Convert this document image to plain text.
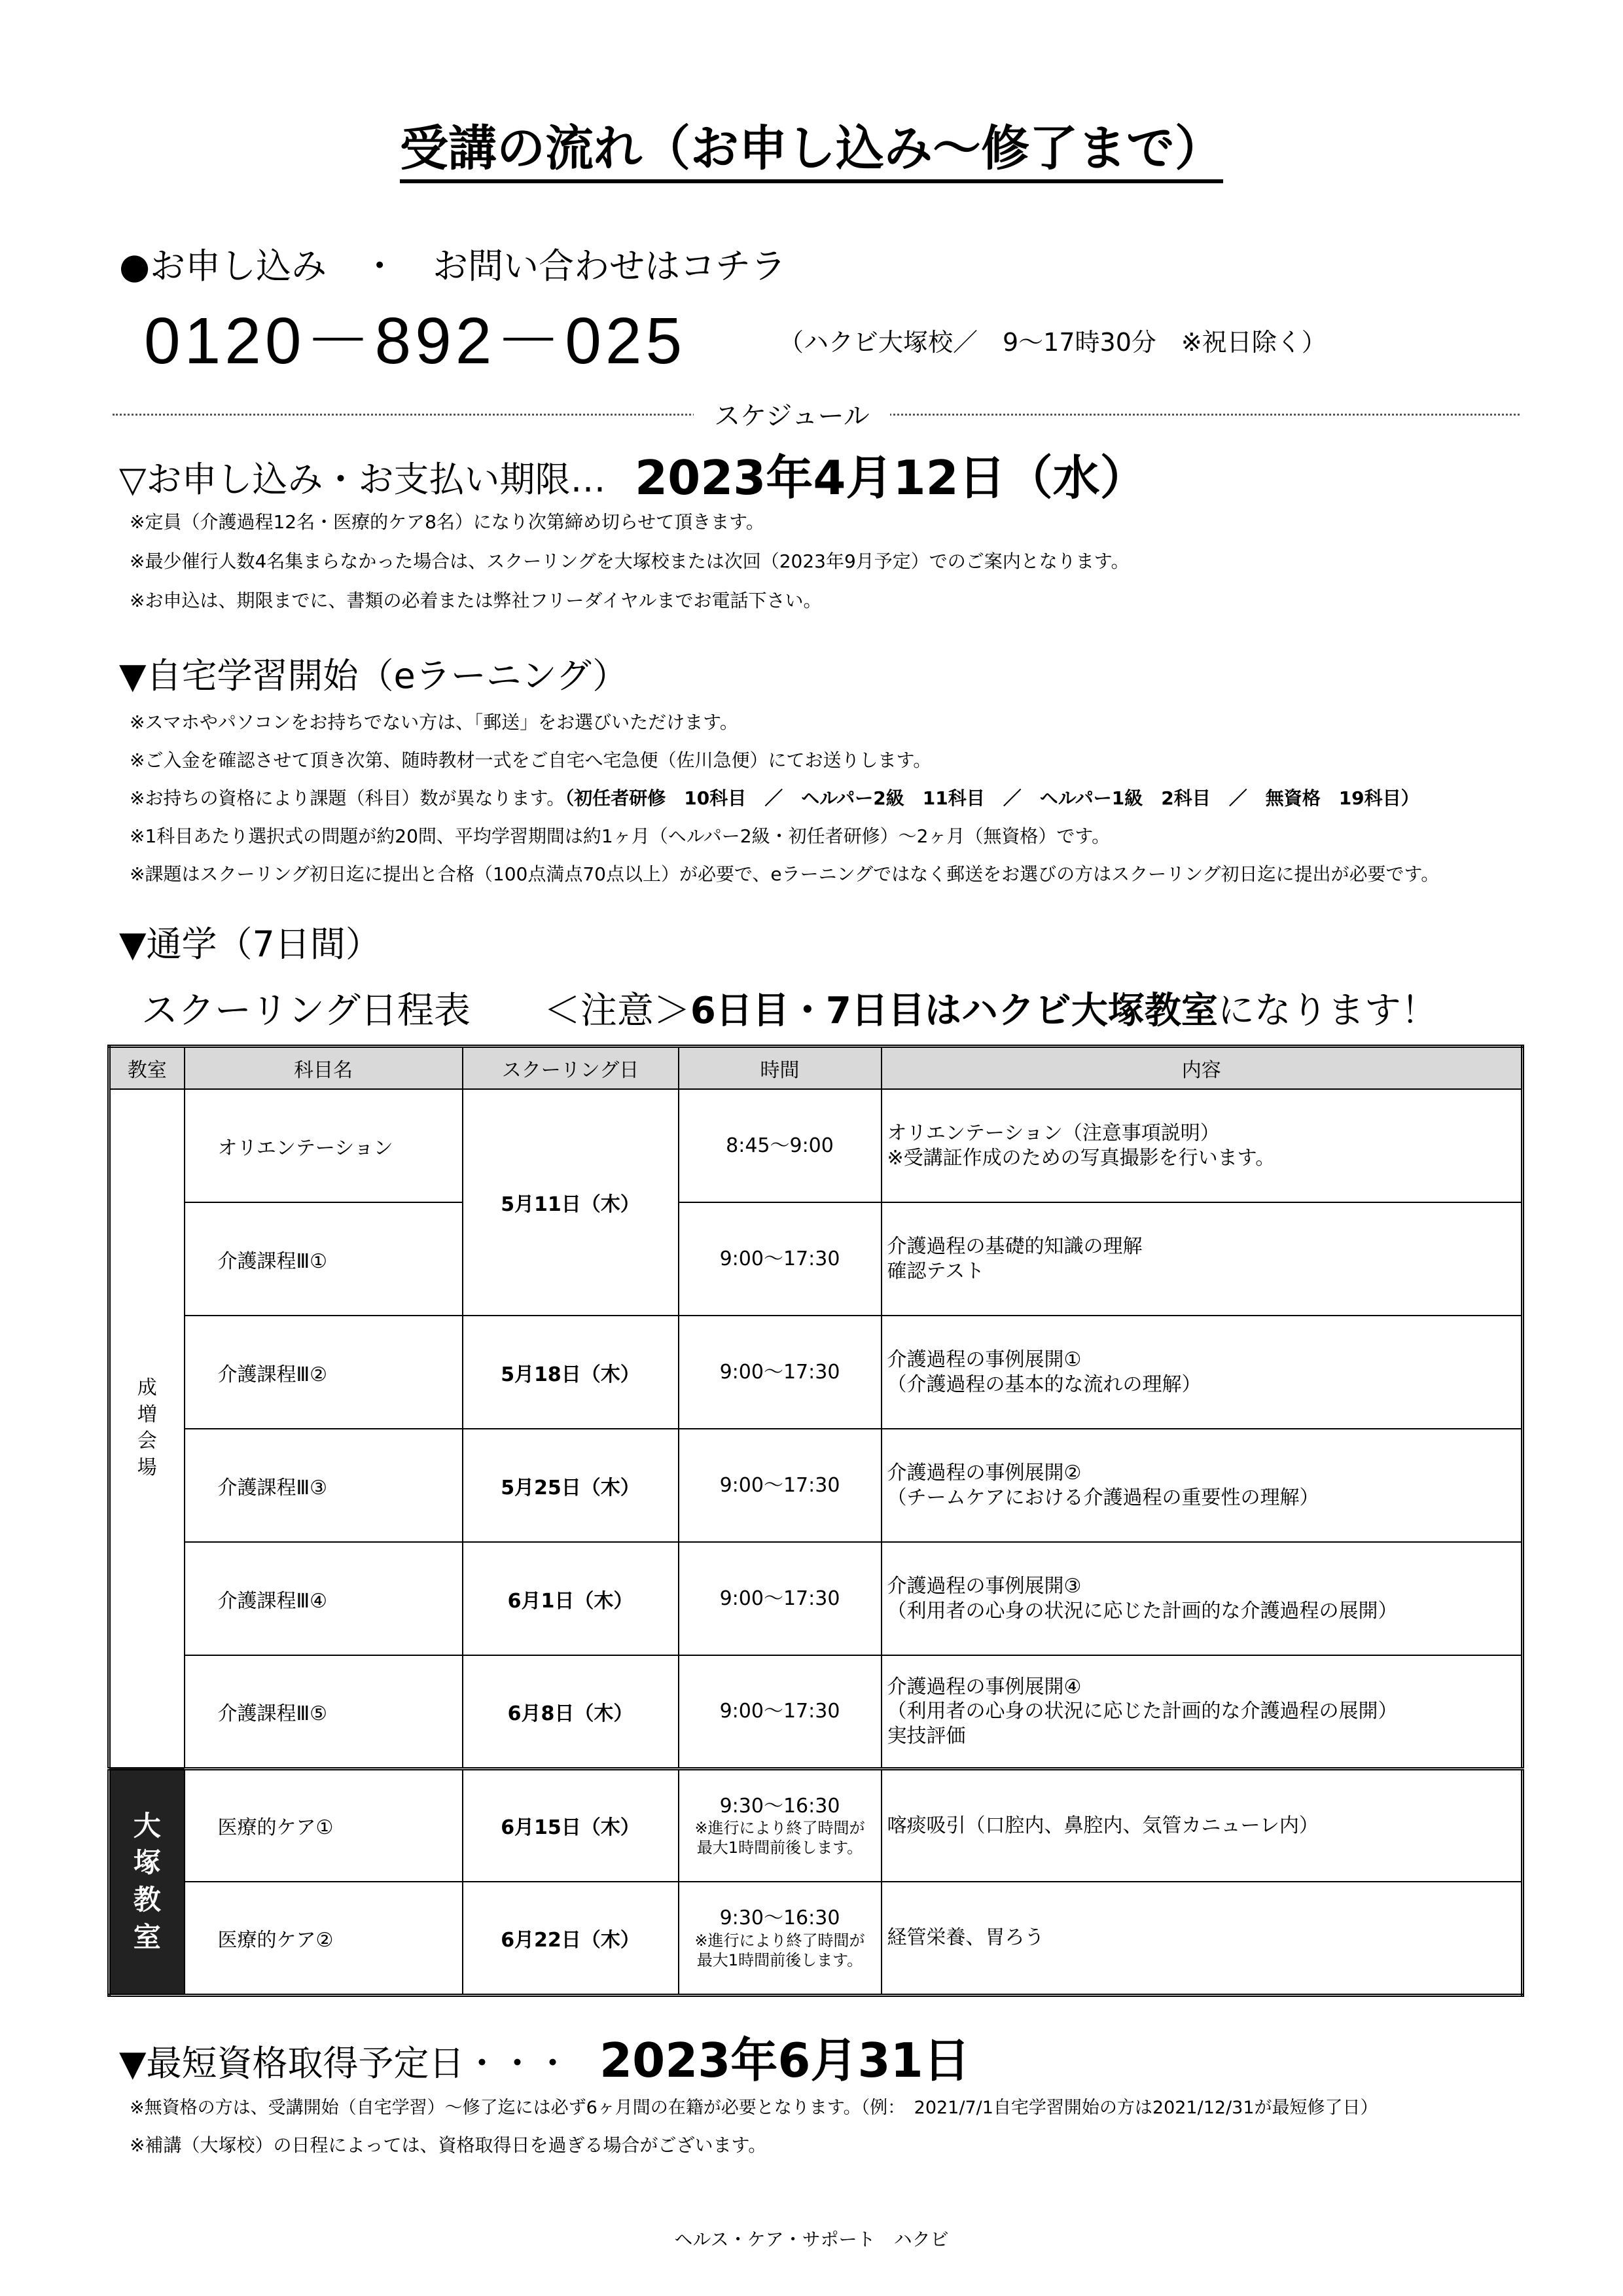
受講の流れ（お申し込み～修了まで）
●お申し込み　・　お問い合わせはコチラ
0120－892－025	（ハクビ大塚校／　9～17時30分　※祝日除く）
スケジュール
▽お申し込み・お支払い期限… 2023年4月12日（水）
※定員（介護過程12名・医療的ケア8名）になり次第締め切らせて頂きます。
※最少催行人数4名集まらなかった場合は、スクーリングを大塚校または次回（2023年9月予定）でのご案内となります。
※お申込は、期限までに、書類の必着または弊社フリーダイヤルまでお電話下さい。
▼自宅学習開始（eラーニング）
※スマホやパソコンをお持ちでない方は、「郵送」をお選びいただけます。
※ご入金を確認させて頂き次第、随時教材一式をご自宅へ宅急便（佐川急便）にてお送りします。
※お持ちの資格により課題（科目）数が異なります。（初任者研修　10科目　／　ヘルパー2級　11科目　／　ヘルパー1級　2科目　／　無資格　19科目）
※1科目あたり選択式の問題が約20問、平均学習期間は約1ヶ月（ヘルパー2級・初任者研修）～2ヶ月（無資格）です。
※課題はスクーリング初日迄に提出と合格（100点満点70点以上）が必要で、eラーニングではなく郵送をお選びの方はスクーリング初日迄に提出が必要です。
▼通学（7日間）
スクーリング日程表　　＜注意＞6日目・7日目はハクビ大塚教室になります！
教室	科目名	スクーリング日	時間	内容
成
増
会
場	オリエンテーション	5月11日（木）	8:45～9:00	オリエンテーション（注意事項説明）
※受講証作成のための写真撮影を行います。
	介護課程Ⅲ①		9:00～17:30	介護過程の基礎的知識の理解
確認テスト
	介護課程Ⅲ②	5月18日（木）	9:00～17:30	介護過程の事例展開①
（介護過程の基本的な流れの理解）
	介護課程Ⅲ③	5月25日（木）	9:00～17:30	介護過程の事例展開②
（チームケアにおける介護過程の重要性の理解）
	介護課程Ⅲ④	6月1日（木）	9:00～17:30	介護過程の事例展開③
（利用者の心身の状況に応じた計画的な介護過程の展開）
	介護課程Ⅲ⑤	6月8日（木）	9:00～17:30	介護過程の事例展開④
（利用者の心身の状況に応じた計画的な介護過程の展開）
実技評価
大
塚
教
室	医療的ケア①	6月15日（木）	9:30～16:30
※進行により終了時間が
最大1時間前後します。	喀痰吸引（口腔内、鼻腔内、気管カニューレ内）
	医療的ケア②	6月22日（木）	9:30～16:30
※進行により終了時間が
最大1時間前後します。	経管栄養、胃ろう
▼最短資格取得予定日・・・ 2023年6月31日
※無資格の方は、受講開始（自宅学習）～修了迄には必ず6ヶ月間の在籍が必要となります。（例：　2021/7/1自宅学習開始の方は2021/12/31が最短修了日）
※補講（大塚校）の日程によっては、資格取得日を過ぎる場合がございます。
ヘルス・ケア・サポート　ハクビ
